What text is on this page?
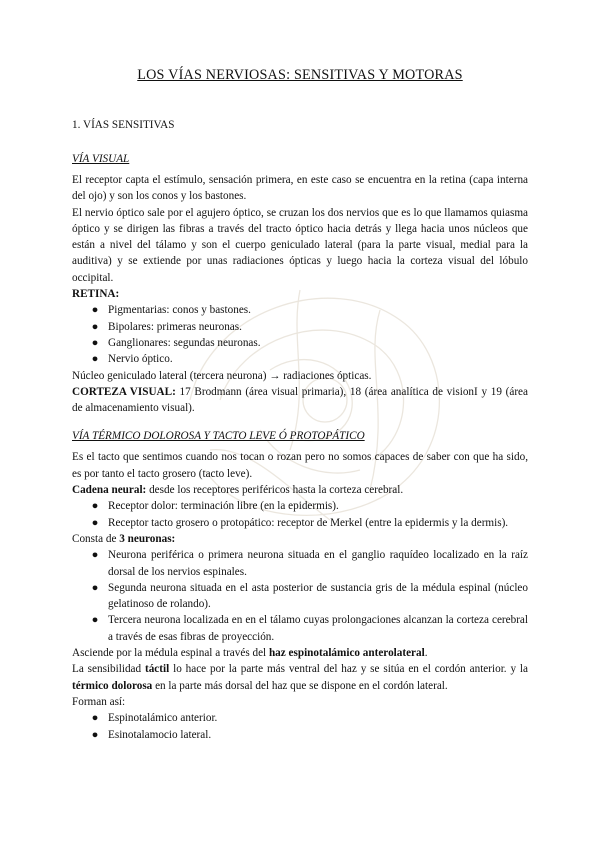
LOS VÍAS NERVIOSAS: SENSITIVAS Y MOTORAS
1. VÍAS SENSITIVAS
VÍA VISUAL

El receptor capta el estímulo, sensación primera, en este caso se encuentra en la retina (capa interna del ojo) y son los conos y los bastones.

El nervio óptico sale por el agujero óptico, se cruzan los dos nervios que es lo que llamamos quiasma óptico y se dirigen las fibras a través del tracto óptico hacia detrás y llega hacia unos núcleos que están a nivel del tálamo y son el cuerpo geniculado lateral (para la parte visual, medial para la auditiva) y se extiende por unas radiaciones ópticas y luego hacia la corteza visual del lóbulo occipital.

RETINA:

● Pigmentarias: conos y bastones.
● Bipolares: primeras neuronas.
● Ganglionares: segundas neuronas.
● Nervio óptico.

Núcleo geniculado lateral (tercera neurona) → radiaciones ópticas.

CORTEZA VISUAL: 17 Brodmann (área visual primaria), 18 (área analítica de visionI y 19 (área de almacenamiento visual).

VÍA TÉRMICO DOLOROSA Y TACTO LEVE Ó PROTOPÁTICO

Es el tacto que sentimos cuando nos tocan o rozan pero no somos capaces de saber con que ha sido, es por tanto el tacto grosero (tacto leve).

Cadena neural: desde los receptores periféricos hasta la corteza cerebral.

● Receptor dolor: terminación libre (en la epidermis).
● Receptor tacto grosero o protopático: receptor de Merkel (entre la epidermis y la dermis).

Consta de 3 neuronas:

● Neurona periférica o primera neurona situada en el ganglio raquídeo localizado en la raíz dorsal de los nervios espinales.
● Segunda neurona situada en el asta posterior de sustancia gris de la médula espinal (núcleo gelatinoso de rolando).
● Tercera neurona localizada en en el tálamo cuyas prolongaciones alcanzan la corteza cerebral a través de esas fibras de proyección.

Asciende por la médula espinal a través del haz espinotalámico anterolateral.

La sensibilidad táctil lo hace por la parte más ventral del haz y se sitúa en el cordón anterior. y la térmico dolorosa en la parte más dorsal del haz que se dispone en el cordón lateral.

Forman así:

● Espinotalámico anterior.
● Esinotalamocio lateral.
